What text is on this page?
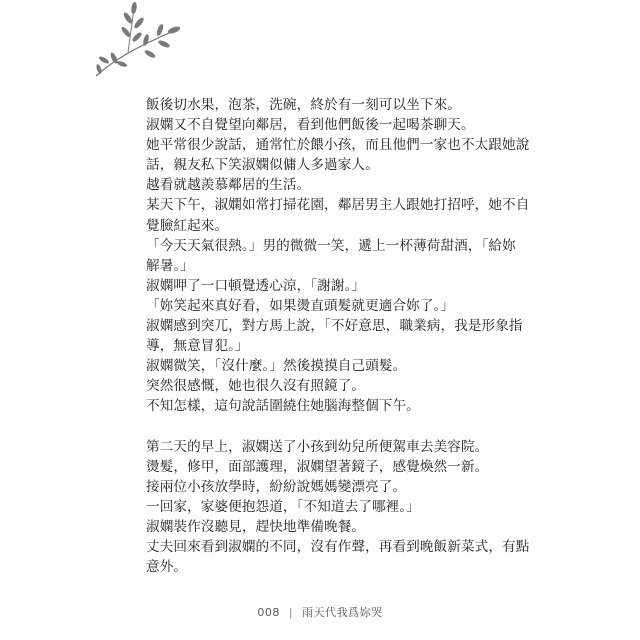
飯後切水果，泡茶，洗碗，終於有一刻可以坐下來。
淑嫻又不自覺望向鄰居，看到他們飯後一起喝茶聊天。
她平常很少說話，通常忙於餵小孩，而且他們一家也不太跟她說
話，親友私下笑淑嫻似傭人多過家人。
越看就越羨慕鄰居的生活。
某天下午，淑嫻如常打掃花園，鄰居男主人跟她打招呼，她不自
覺臉紅起來。
「今天天氣很熱。」男的微微一笑，遞上一杯薄荷甜酒，「給妳
解暑。」
淑嫻呷了一口頓覺透心涼，「謝謝。」
「妳笑起來真好看，如果燙直頭髮就更適合妳了。」
淑嫻感到突兀，對方馬上說，「不好意思，職業病，我是形象指
導，無意冒犯。」
淑嫻微笑，「沒什麼。」然後摸摸自己頭髮。
突然很感慨，她也很久沒有照鏡了。
不知怎樣，這句說話圍繞住她腦海整個下午。
第二天的早上，淑嫻送了小孩到幼兒所便駕車去美容院。
燙髮，修甲，面部護理，淑嫻望著鏡子，感覺煥然一新。
接兩位小孩放學時，紛紛說媽媽變漂亮了。
一回家，家婆便抱怨道，「不知道去了哪裡。」
淑嫻裝作沒聽見，趕快地準備晚餐。
丈夫回來看到淑嫻的不同，沒有作聲，再看到晚飯新菜式，有點
意外。
008 | 雨天代我爲妳哭
